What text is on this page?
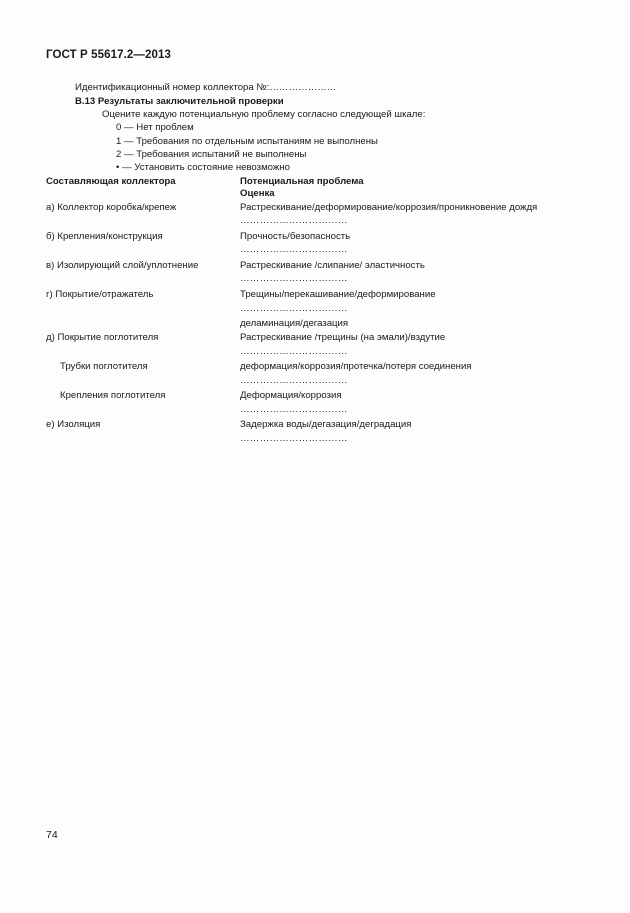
ГОСТ Р 55617.2—2013
Идентификационный номер коллектора №:…………………
В.13 Результаты заключительной проверки
Оцените каждую потенциальную проблему согласно следующей шкале:
0 — Нет проблем
1 — Требования по отдельным испытаниям не выполнены
2 — Требования испытаний не выполнены
• — Установить состояние невозможно
Составляющая коллектора	Потенциальная проблема
Оценка
а) Коллектор коробка/крепеж	Растрескивание/деформирование/коррозия/проникновение дождя
……………………………
б) Крепления/конструкция	Прочность/безопасность
……………………………
в) Изолирующий слой/уплотнение	Растрескивание /слипание/ эластичность
……………………………
г) Покрытие/отражатель	Трещины/перекашивание/деформирование
……………………………
деламинация/дегазация
д) Покрытие поглотителя	Растрескивание /трещины (на эмали)/вздутие
……………………………
Трубки поглотителя	деформация/коррозия/протечка/потеря соединения
……………………………
Крепления поглотителя	Деформация/коррозия
……………………………
е) Изоляция	Задержка воды/дегазация/деградация
……………………………
74
